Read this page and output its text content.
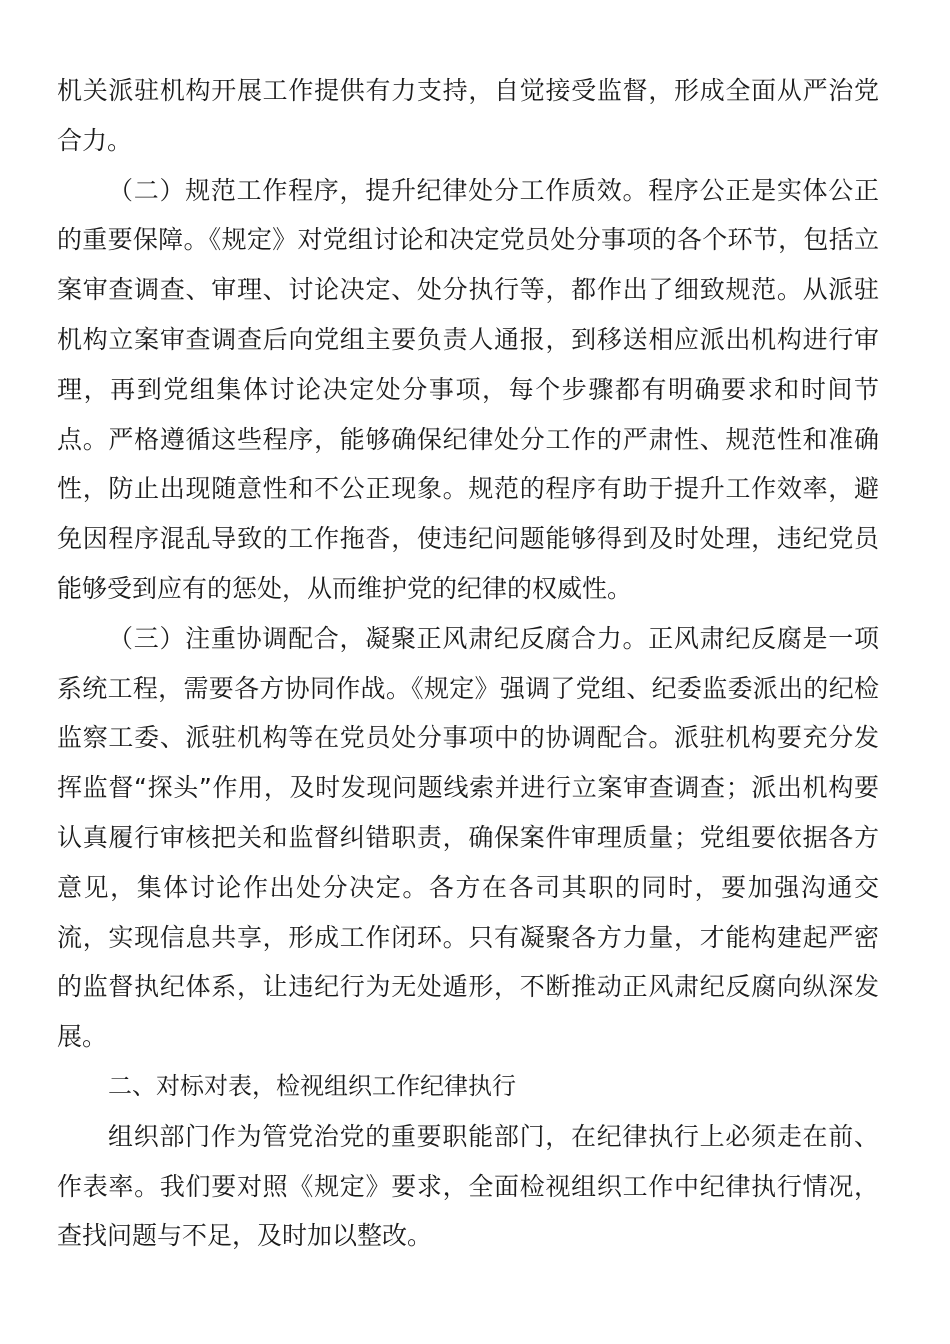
机关派驻机构开展工作提供有力支持，自觉接受监督，形成全面从严治党合力。

（二）规范工作程序，提升纪律处分工作质效。程序公正是实体公正的重要保障。《规定》对党组讨论和决定党员处分事项的各个环节，包括立案审查调查、审理、讨论决定、处分执行等，都作出了细致规范。从派驻机构立案审查调查后向党组主要负责人通报，到移送相应派出机构进行审理，再到党组集体讨论决定处分事项，每个步骤都有明确要求和时间节点。严格遵循这些程序，能够确保纪律处分工作的严肃性、规范性和准确性，防止出现随意性和不公正现象。规范的程序有助于提升工作效率，避免因程序混乱导致的工作拖沓，使违纪问题能够得到及时处理，违纪党员能够受到应有的惩处，从而维护党的纪律的权威性。

（三）注重协调配合，凝聚正风肃纪反腐合力。正风肃纪反腐是一项系统工程，需要各方协同作战。《规定》强调了党组、纪委监委派出的纪检监察工委、派驻机构等在党员处分事项中的协调配合。派驻机构要充分发挥监督“探头”作用，及时发现问题线索并进行立案审查调查；派出机构要认真履行审核把关和监督纠错职责，确保案件审理质量；党组要依据各方意见，集体讨论作出处分决定。各方在各司其职的同时，要加强沟通交流，实现信息共享，形成工作闭环。只有凝聚各方力量，才能构建起严密的监督执纪体系，让违纪行为无处遁形，不断推动正风肃纪反腐向纵深发展。

二、对标对表，检视组织工作纪律执行

组织部门作为管党治党的重要职能部门，在纪律执行上必须走在前、作表率。我们要对照《规定》要求，全面检视组织工作中纪律执行情况，查找问题与不足，及时加以整改。
